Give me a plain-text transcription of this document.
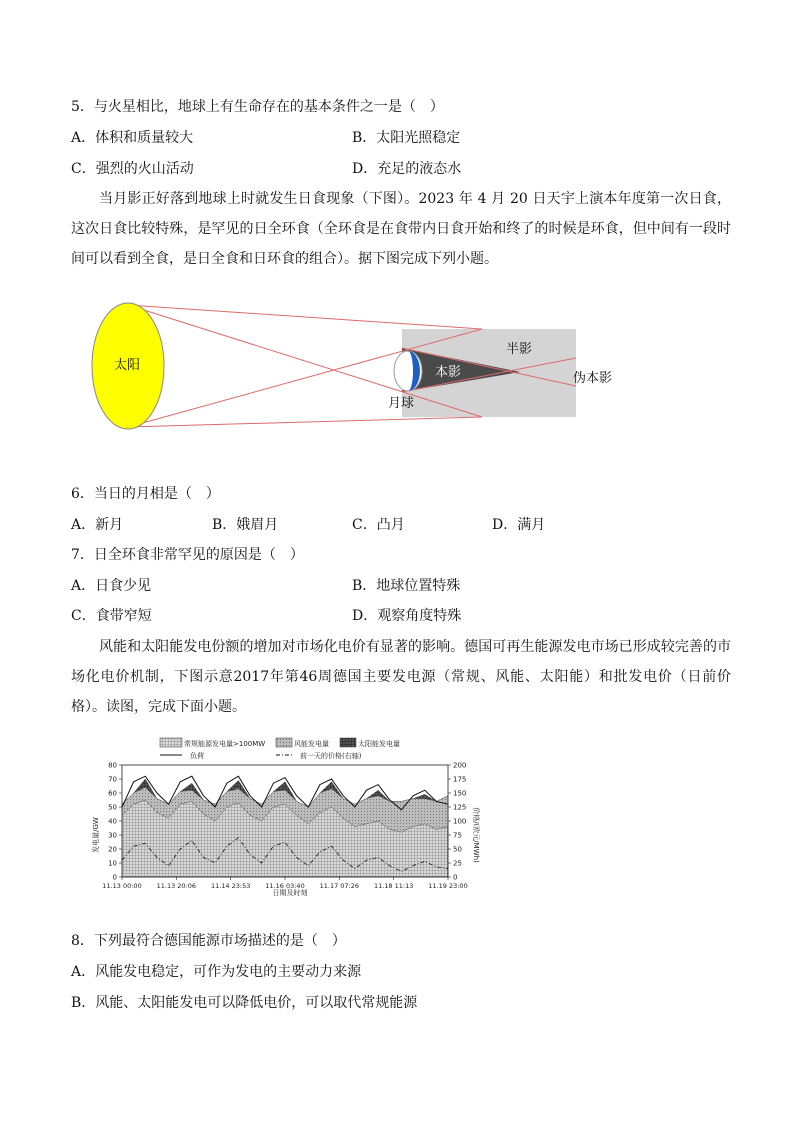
5．与火星相比，地球上有生命存在的基本条件之一是（　）
A．体积和质量较大	B．太阳光照稳定
C．强烈的火山活动	D．充足的液态水
当月影正好落到地球上时就发生日食现象（下图）。2023 年 4 月 20 日天宇上演本年度第一次日食，这次日食比较特殊，是罕见的日全环食（全环食是在食带内日食开始和终了的时候是环食，但中间有一段时间可以看到全食，是日全食和日环食的组合）。据下图完成下列小题。
太阳
月球
本影
半影
伪本影
6．当日的月相是（　）
A．新月	B．娥眉月	C．凸月	D．满月
7．日全环食非常罕见的原因是（　）
A．日食少见	B．地球位置特殊
C．食带窄短	D．观察角度特殊
风能和太阳能发电份额的增加对市场化电价有显著的影响。德国可再生能源发电市场已形成较完善的市场化电价机制，下图示意2017年第46周德国主要发电源（常规、风能、太阳能）和批发电价（日前价格）。读图，完成下面小题。
常规能源发电量>100MW	风能发电量	太阳能发电量
负荷	前一天的价格(右轴)
0
10
20
30
40
50
60
70
80
0
25
50
75
100
125
150
175
200
11.13 00:00 11.13 20:06 11.14 23:53 11.16 03:40 11.17 07:26 11.18 11:13 11.19 23:00
发电量/GW	价格/(欧元/MWh)
日期及时刻
8．下列最符合德国能源市场描述的是（　）
A．风能发电稳定，可作为发电的主要动力来源
B．风能、太阳能发电可以降低电价，可以取代常规能源
